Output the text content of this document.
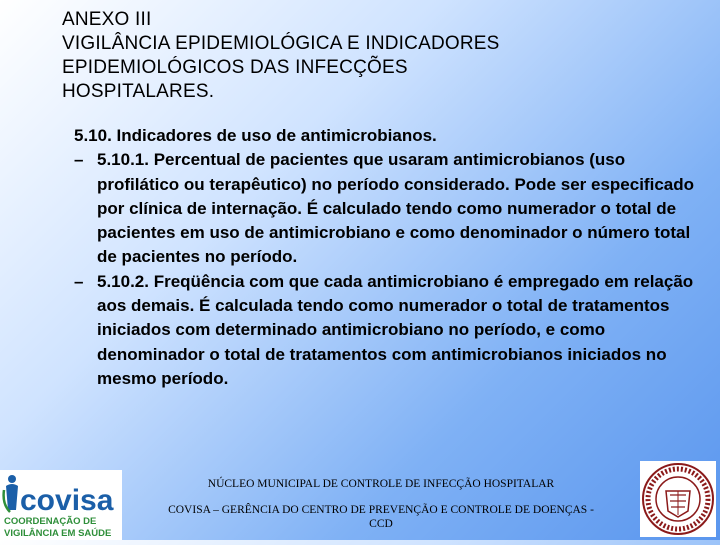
ANEXO III
VIGILÂNCIA EPIDEMIOLÓGICA E INDICADORES
EPIDEMIOLÓGICOS DAS INFECÇÕES
HOSPITALARES.

5.10. Indicadores de uso de antimicrobianos.

– 5.10.1. Percentual de pacientes que usaram antimicrobianos (uso profilático ou terapêutico) no período considerado. Pode ser especificado por clínica de internação. É calculado tendo como numerador o total de pacientes em uso de antimicrobiano e como denominador o número total de pacientes no período.

– 5.10.2. Freqüência com que cada antimicrobiano é empregado em relação aos demais. É calculada tendo como numerador o total de tratamentos iniciados com determinado antimicrobiano no período, e como denominador o total de tratamentos com antimicrobianos iniciados no mesmo período.

covisa
COORDENAÇÃO DE
VIGILÂNCIA EM SAÚDE
NÚCLEO MUNICIPAL DE CONTROLE DE INFECÇÃO HOSPITALAR
COVISA – GERÊNCIA DO CENTRO DE PREVENÇÃO E CONTROLE DE DOENÇAS - CCD
